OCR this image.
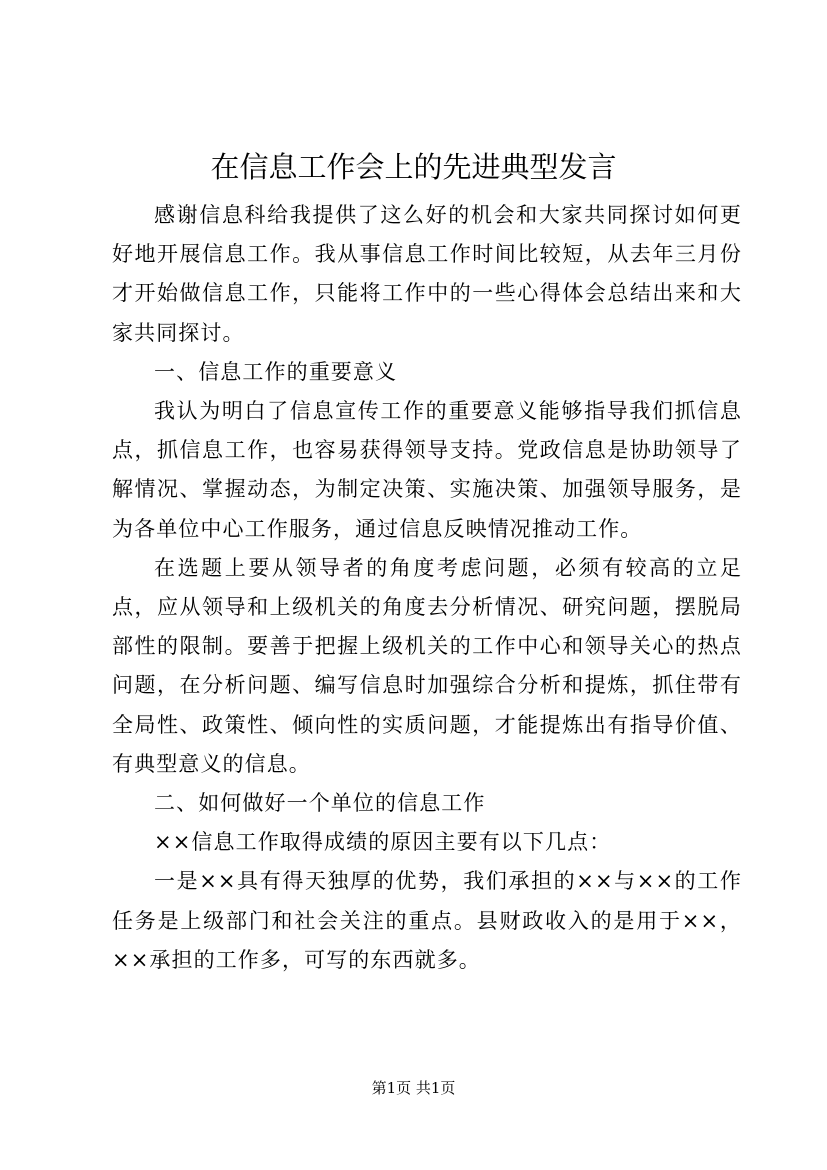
在信息工作会上的先进典型发言

感谢信息科给我提供了这么好的机会和大家共同探讨如何更好地开展信息工作。我从事信息工作时间比较短，从去年三月份才开始做信息工作，只能将工作中的一些心得体会总结出来和大家共同探讨。

一、信息工作的重要意义

我认为明白了信息宣传工作的重要意义能够指导我们抓信息点，抓信息工作，也容易获得领导支持。党政信息是协助领导了解情况、掌握动态，为制定决策、实施决策、加强领导服务，是为各单位中心工作服务，通过信息反映情况推动工作。

在选题上要从领导者的角度考虑问题，必须有较高的立足点，应从领导和上级机关的角度去分析情况、研究问题，摆脱局部性的限制。要善于把握上级机关的工作中心和领导关心的热点问题，在分析问题、编写信息时加强综合分析和提炼，抓住带有全局性、政策性、倾向性的实质问题，才能提炼出有指导价值、有典型意义的信息。

二、如何做好一个单位的信息工作

××信息工作取得成绩的原因主要有以下几点：

一是××具有得天独厚的优势，我们承担的××与××的工作任务是上级部门和社会关注的重点。县财政收入的是用于××，××承担的工作多，可写的东西就多。

第1页 共1页
